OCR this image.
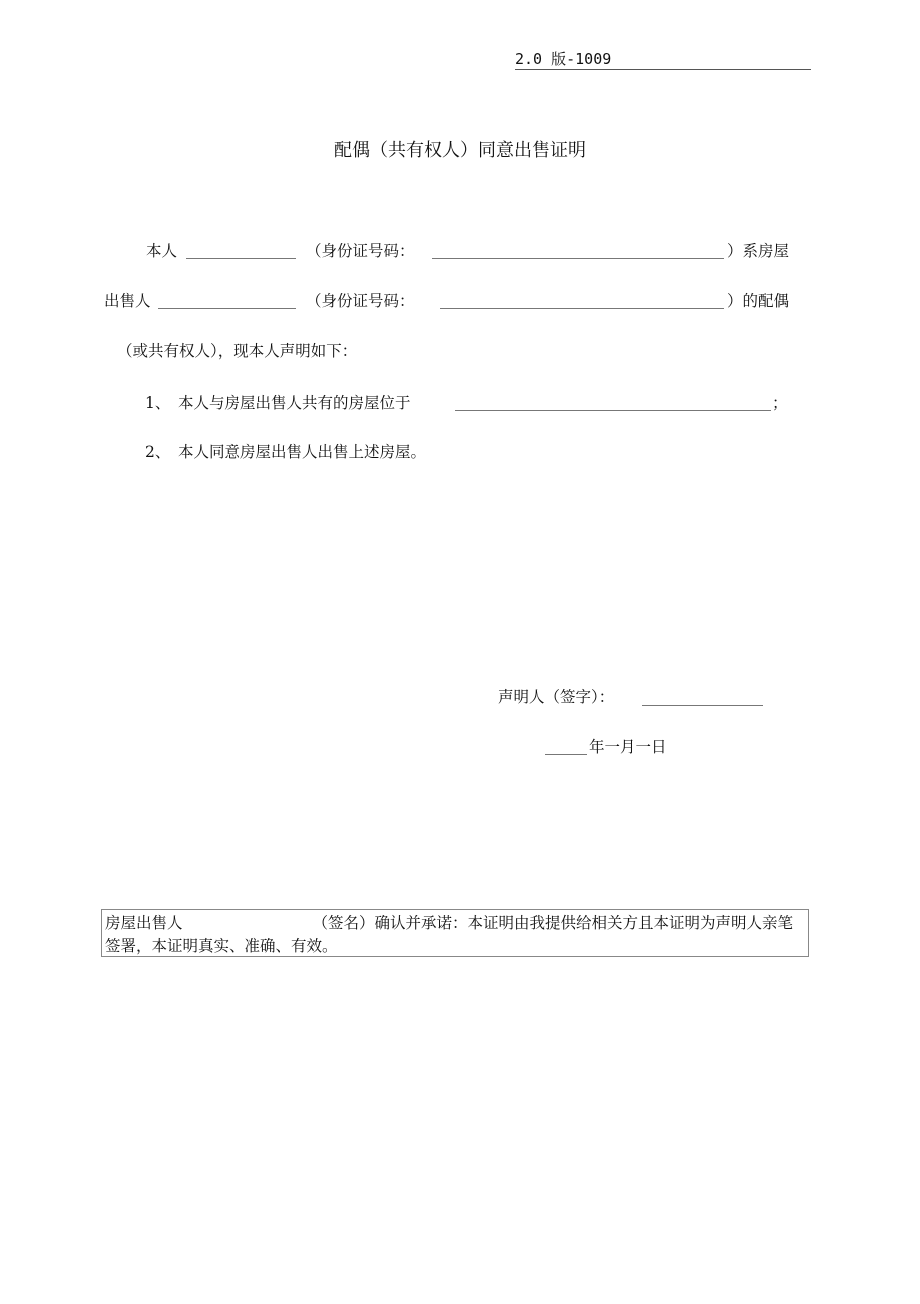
2.0 版-1009
配偶（共有权人）同意出售证明
本人	（身份证号码：	）系房屋
出售人	（身份证号码：	）的配偶
（或共有权人），现本人声明如下：
1、 本人与房屋出售人共有的房屋位于	；
2、 本人同意房屋出售人出售上述房屋。
声明人（签字）：
年一月一日
房屋出售人	（签名）确认并承诺：本证明由我提供给相关方且本证明为声明人亲笔签署，本证明真实、准确、有效。
